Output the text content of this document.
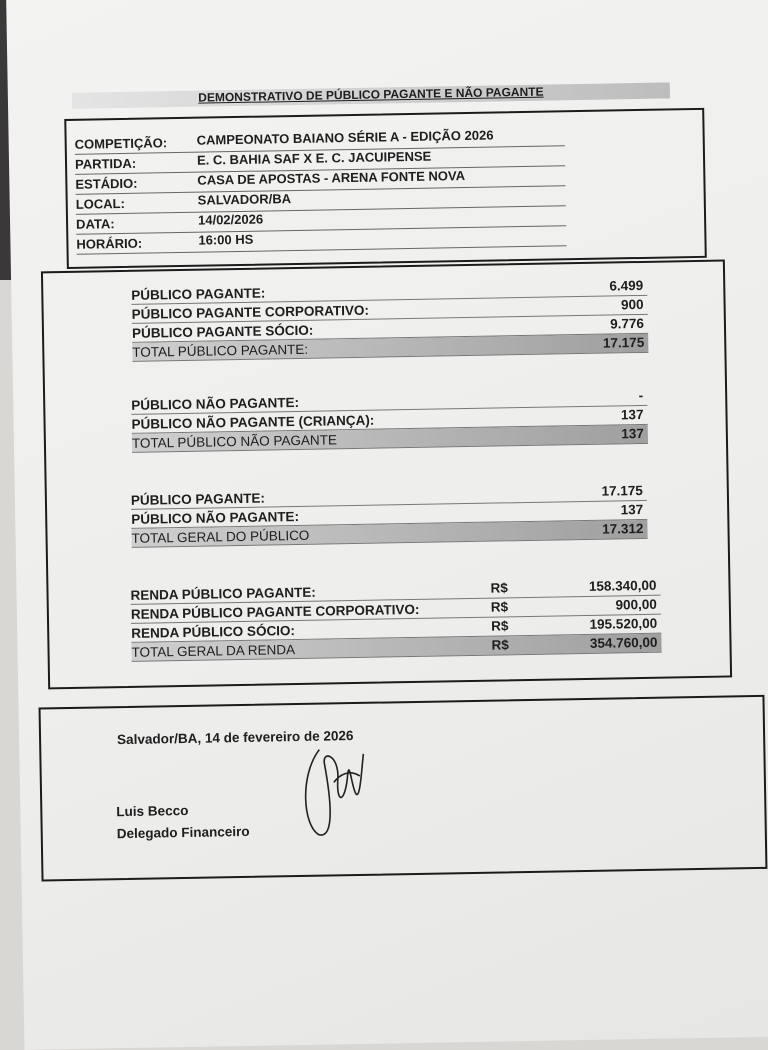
DEMONSTRATIVO DE PÚBLICO PAGANTE E NÃO PAGANTE
COMPETIÇÃO: CAMPEONATO BAIANO SÉRIE A - EDIÇÃO 2026
PARTIDA:	E. C. BAHIA SAF X E. C. JACUIPENSE
ESTÁDIO:	CASA DE APOSTAS - ARENA FONTE NOVA
LOCAL:	SALVADOR/BA
DATA:	14/02/2026
HORÁRIO:	16:00 HS
PÚBLICO PAGANTE:	6.499
PÚBLICO PAGANTE CORPORATIVO:	900
PÚBLICO PAGANTE SÓCIO:	9.776
TOTAL PÚBLICO PAGANTE:	17.175
PÚBLICO NÃO PAGANTE:	-
PÚBLICO NÃO PAGANTE (CRIANÇA):	137
TOTAL PÚBLICO NÃO PAGANTE	137
PÚBLICO PAGANTE:	17.175
PÚBLICO NÃO PAGANTE:	137
TOTAL GERAL DO PÚBLICO	17.312
RENDA PÚBLICO PAGANTE:	R$	158.340,00
RENDA PÚBLICO PAGANTE CORPORATIVO:	R$	900,00
RENDA PÚBLICO SÓCIO:	R$	195.520,00
TOTAL GERAL DA RENDA	R$	354.760,00
Salvador/BA, 14 de fevereiro de 2026
Luis Becco
Delegado Financeiro
